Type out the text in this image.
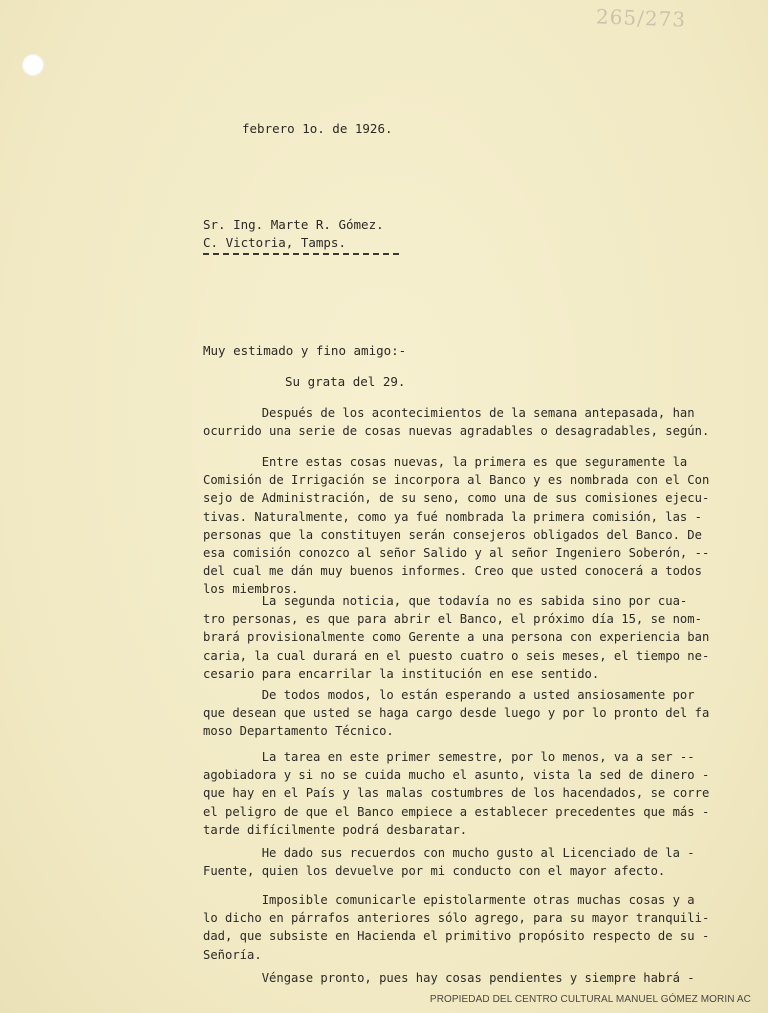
265/273
febrero 1o. de 1926.
Sr. Ing. Marte R. Gómez.
C. Victoria, Tamps.
Muy estimado y fino amigo:-
Su grata del 29.
Después de los acontecimientos de la semana antepasada, han
ocurrido una serie de cosas nuevas agradables o desagradables, según.
Entre estas cosas nuevas, la primera es que seguramente la
Comisión de Irrigación se incorpora al Banco y es nombrada con el Con
sejo de Administración, de su seno, como una de sus comisiones ejecu-
tivas. Naturalmente, como ya fué nombrada la primera comisión, las -
personas que la constituyen serán consejeros obligados del Banco. De
esa comisión conozco al señor Salido y al señor Ingeniero Soberón, --
del cual me dán muy buenos informes. Creo que usted conocerá a todos
los miembros.
La segunda noticia, que todavía no es sabida sino por cua-
tro personas, es que para abrir el Banco, el próximo día 15, se nom-
brará provisionalmente como Gerente a una persona con experiencia ban
caria, la cual durará en el puesto cuatro o seis meses, el tiempo ne-
cesario para encarrilar la institución en ese sentido.
De todos modos, lo están esperando a usted ansiosamente por
que desean que usted se haga cargo desde luego y por lo pronto del fa
moso Departamento Técnico.
La tarea en este primer semestre, por lo menos, va a ser --
agobiadora y si no se cuida mucho el asunto, vista la sed de dinero -
que hay en el País y las malas costumbres de los hacendados, se corre
el peligro de que el Banco empiece a establecer precedentes que más -
tarde difícilmente podrá desbaratar.
He dado sus recuerdos con mucho gusto al Licenciado de la -
Fuente, quien los devuelve por mi conducto con el mayor afecto.
Imposible comunicarle epistolarmente otras muchas cosas y a
lo dicho en párrafos anteriores sólo agrego, para su mayor tranquili-
dad, que subsiste en Hacienda el primitivo propósito respecto de su -
Señoría.
Véngase pronto, pues hay cosas pendientes y siempre habrá -
PROPIEDAD DEL CENTRO CULTURAL MANUEL GÓMEZ MORIN AC
